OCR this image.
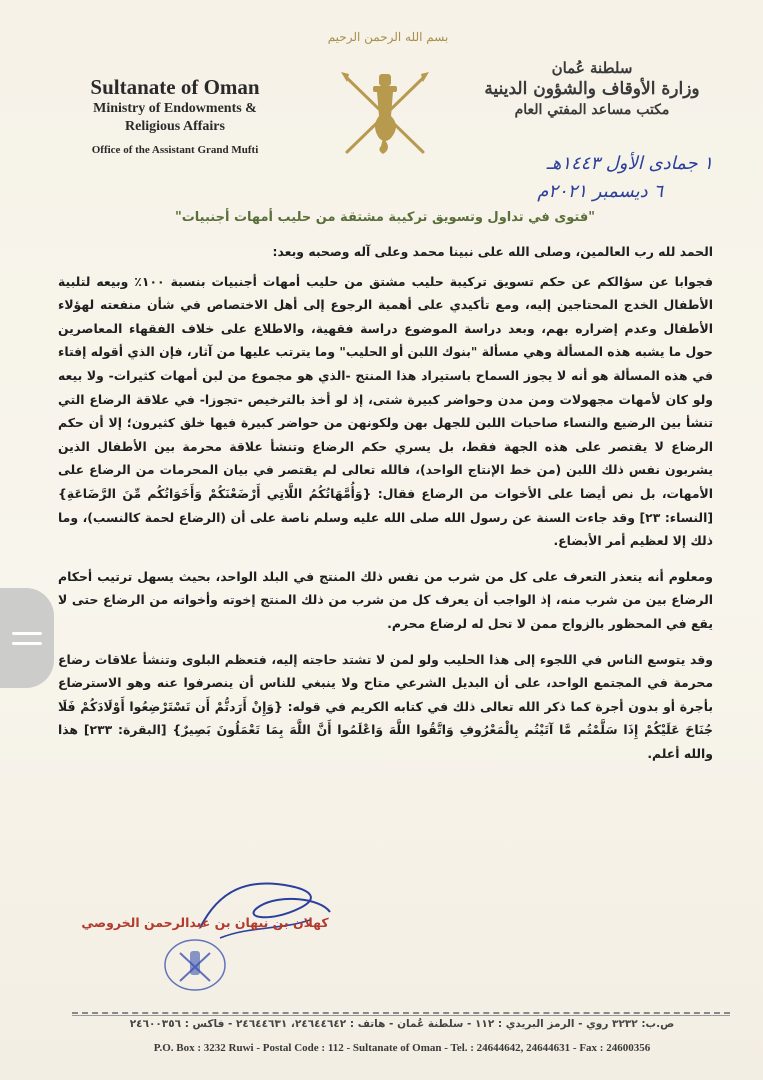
Sultanate of Oman
Ministry of Endowments &
Religious Affairs
Office of the Assistant Grand Mufti
بسم الله الرحمن الرحيم
سلطنة عُمان
وزارة الأوقاف والشؤون الدينية
مكتب مساعد المفتي العام
١ جمادى الأول ١٤٤٣هـ
٦ ديسمبر ٢٠٢١م
"فتوى في تداول وتسويق تركيبة مشتقة من حليب أمهات أجنبيات"

الحمد لله رب العالمين، وصلى الله على نبينا محمد وعلى آله وصحبه وبعد:

فجوابا عن سؤالكم عن حكم تسويق تركيبة حليب مشتق من حليب أمهات أجنبيات بنسبة ١٠٠٪ وبيعه لتلبية الأطفال الخدج المحتاجين إليه، ومع تأكيدي على أهمية الرجوع إلى أهل الاختصاص في شأن منفعته لهؤلاء الأطفال وعدم إضراره بهم، وبعد دراسة الموضوع دراسة فقهية، والاطلاع على خلاف الفقهاء المعاصرين حول ما يشبه هذه المسألة وهي مسألة "بنوك اللبن أو الحليب" وما يترتب عليها من آثار، فإن الذي أقوله إفتاء في هذه المسألة هو أنه لا يجوز السماح باستيراد هذا المنتج -الذي هو مجموع من لبن أمهات كثيرات- ولا بيعه ولو كان لأمهات مجهولات ومن مدن وحواضر كبيرة شتى، إذ لو أخذ بالترخيص -تجوزا- في علاقة الرضاع التي تنشأ بين الرضيع والنساء صاحبات اللبن للجهل بهن ولكونهن من حواضر كبيرة فيها خلق كثيرون؛ إلا أن حكم الرضاع لا يقتصر على هذه الجهة فقط، بل يسري حكم الرضاع وتنشأ علاقة محرمة بين الأطفال الذين يشربون نفس ذلك اللبن (من خط الإنتاج الواحد)، فالله تعالى لم يقتصر في بيان المحرمات من الرضاع على الأمهات، بل نص أيضا على الأخوات من الرضاع فقال: {وَأُمَّهَاتُكُمُ اللَّاتِي أَرْضَعْنَكُمْ وَأَخَوَاتُكُم مِّنَ الرَّضَاعَةِ} [النساء: ٢٣] وقد جاءت السنة عن رسول الله صلى الله عليه وسلم ناصة على أن (الرضاع لحمة كالنسب)، وما ذلك إلا لعظيم أمر الأبضاع.

ومعلوم أنه يتعذر التعرف على كل من شرب من نفس ذلك المنتج في البلد الواحد، بحيث يسهل ترتيب أحكام الرضاع بين من شرب منه، إذ الواجب أن يعرف كل من شرب من ذلك المنتج إخوته وأخواته من الرضاع حتى لا يقع في المحظور بالزواج ممن لا تحل له لرضاع محرم.

وقد يتوسع الناس في اللجوء إلى هذا الحليب ولو لمن لا تشتد حاجته إليه، فتعظم البلوى وتنشأ علاقات رضاع محرمة في المجتمع الواحد، على أن البديل الشرعي متاح ولا ينبغي للناس أن ينصرفوا عنه وهو الاسترضاع بأجرة أو بدون أجرة كما ذكر الله تعالى ذلك في كتابه الكريم في قوله: {وَإِنْ أَرَدتُّمْ أَن تَسْتَرْضِعُوا أَوْلَادَكُمْ فَلَا جُنَاحَ عَلَيْكُمْ إِذَا سَلَّمْتُم مَّا آتَيْتُم بِالْمَعْرُوفِ وَاتَّقُوا اللَّهَ وَاعْلَمُوا أَنَّ اللَّهَ بِمَا تَعْمَلُونَ بَصِيرٌ} [البقرة: ٢٣٣] هذا والله أعلم.

كهلان بن نبهان بن عبدالرحمن الخروصي
ص.ب: ٣٢٣٢ روي - الرمز البريدي : ١١٢ - سلطنة عُمان - هاتف : ٢٤٦٤٤٦٤٢، ٢٤٦٤٤٦٣١ - فاكس : ٢٤٦٠٠٣٥٦
P.O. Box : 3232 Ruwi - Postal Code : 112 - Sultanate of Oman - Tel. : 24644642, 24644631 - Fax : 24600356
